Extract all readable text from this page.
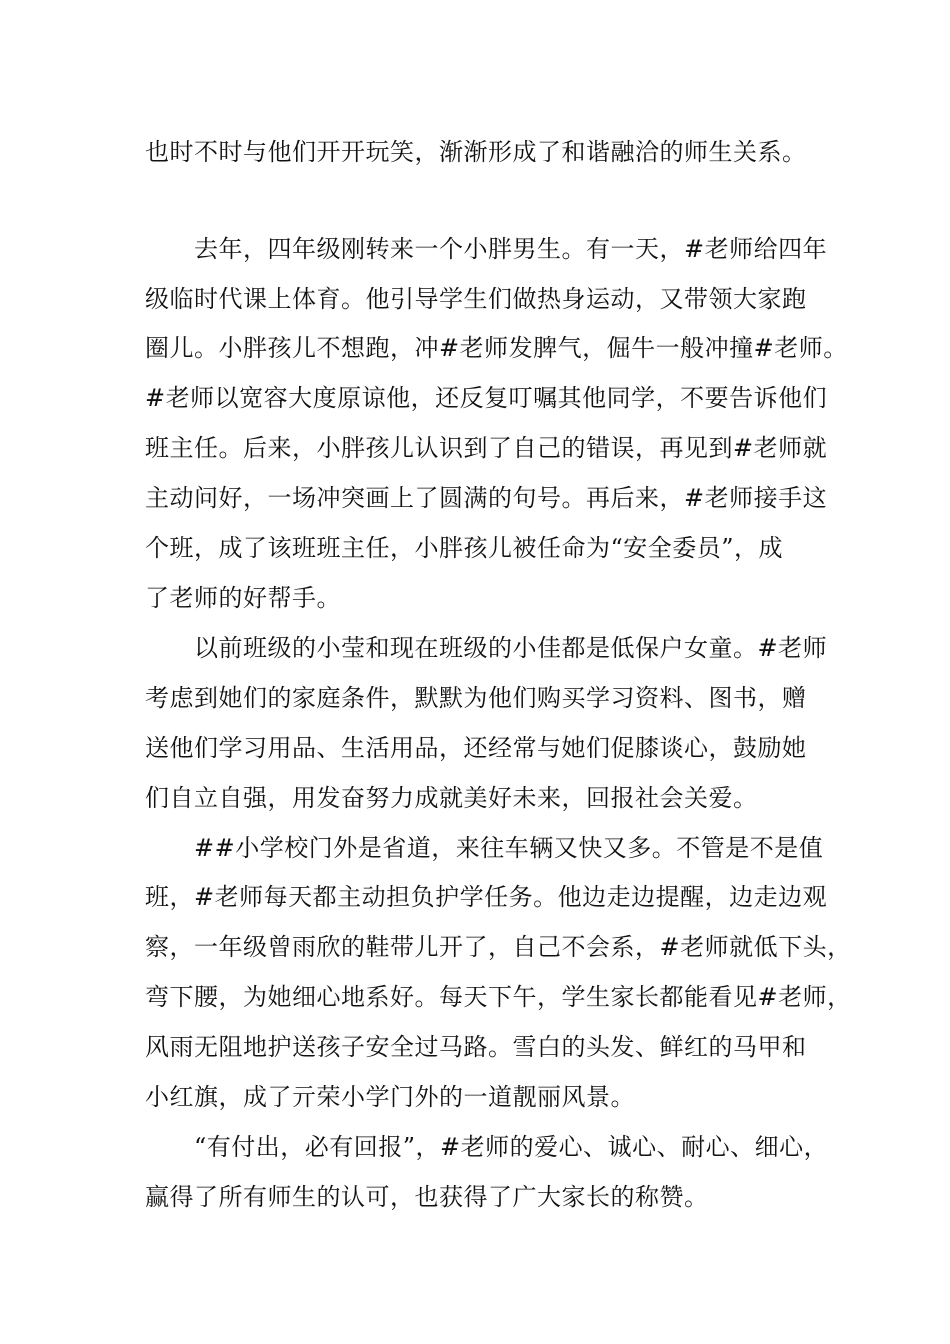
也时不时与他们开开玩笑，渐渐形成了和谐融洽的师生关系。
　　去年，四年级刚转来一个小胖男生。有一天，#老师给四年
级临时代课上体育。他引导学生们做热身运动，又带领大家跑
圈儿。小胖孩儿不想跑，冲#老师发脾气，倔牛一般冲撞#老师。
#老师以宽容大度原谅他，还反复叮嘱其他同学，不要告诉他们
班主任。后来，小胖孩儿认识到了自己的错误，再见到#老师就
主动问好，一场冲突画上了圆满的句号。再后来，#老师接手这
个班，成了该班班主任，小胖孩儿被任命为“安全委员”，成
了老师的好帮手。
　　以前班级的小莹和现在班级的小佳都是低保户女童。#老师
考虑到她们的家庭条件，默默为他们购买学习资料、图书，赠
送他们学习用品、生活用品，还经常与她们促膝谈心，鼓励她
们自立自强，用发奋努力成就美好未来，回报社会关爱。
　　##小学校门外是省道，来往车辆又快又多。不管是不是值
班，#老师每天都主动担负护学任务。他边走边提醒，边走边观
察，一年级曾雨欣的鞋带儿开了，自己不会系，#老师就低下头，
弯下腰，为她细心地系好。每天下午，学生家长都能看见#老师，
风雨无阻地护送孩子安全过马路。雪白的头发、鲜红的马甲和
小红旗，成了亓荣小学门外的一道靓丽风景。
　　“有付出，必有回报”，#老师的爱心、诚心、耐心、细心，
赢得了所有师生的认可，也获得了广大家长的称赞。
